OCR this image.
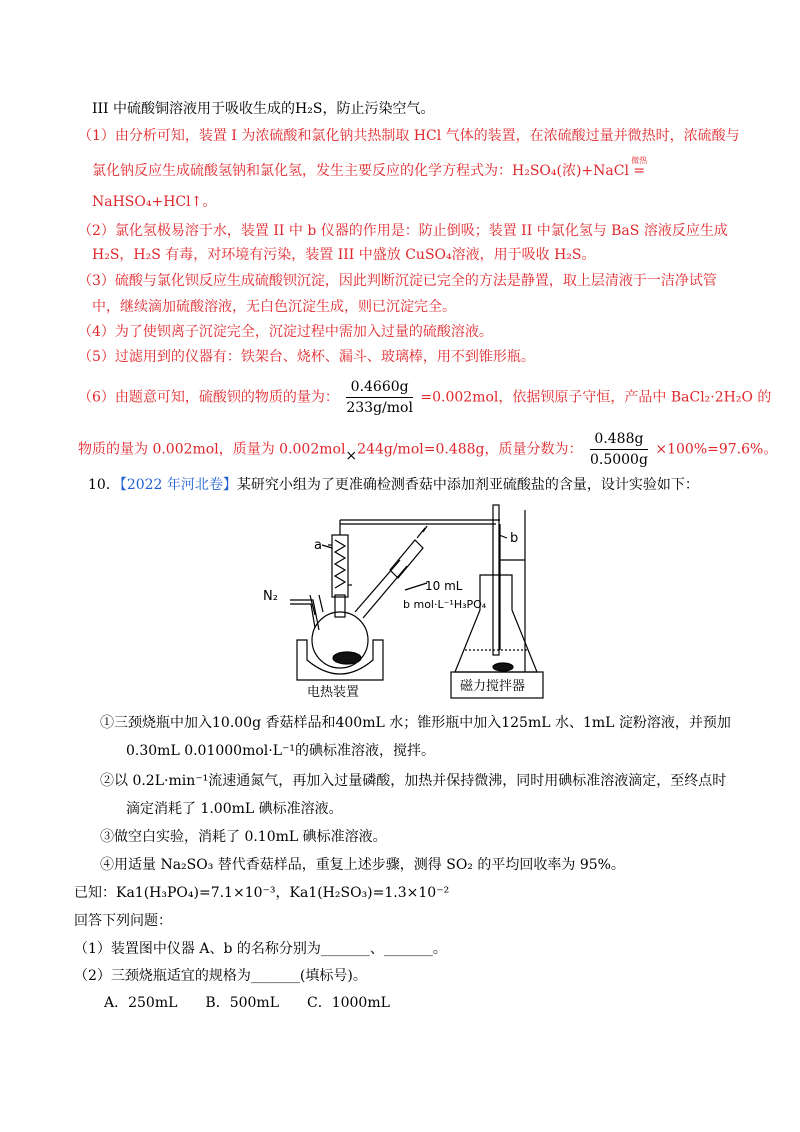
III 中硫酸铜溶液用于吸收生成的H₂S，防止污染空气。
（1）由分析可知，装置 I 为浓硫酸和氯化钠共热制取 HCl 气体的装置，在浓硫酸过量并微热时，浓硫酸与
氯化钠反应生成硫酸氢钠和氯化氢，发生主要反应的化学方程式为：H₂SO₄(浓)+NaCl
微热
=
NaHSO₄+HCl↑。
（2）氯化氢极易溶于水，装置 II 中 b 仪器的作用是：防止倒吸；装置 II 中氯化氢与 BaS 溶液反应生成
H₂S，H₂S 有毒，对环境有污染，装置 III 中盛放 CuSO₄溶液，用于吸收 H₂S。
（3）硫酸与氯化钡反应生成硫酸钡沉淀，因此判断沉淀已完全的方法是静置，取上层清液于一洁净试管
中，继续滴加硫酸溶液，无白色沉淀生成，则已沉淀完全。
（4）为了使钡离子沉淀完全，沉淀过程中需加入过量的硫酸溶液。
（5）过滤用到的仪器有：铁架台、烧杯、漏斗、玻璃棒，用不到锥形瓶。
（6）由题意可知，硫酸钡的物质的量为： $\frac{0.4660g}{\text{233g/mol}} =0.002mol$，依据钡原子守恒，产品中 BaCl₂·2H₂O 的
物质的量为 0.002mol，质量为 0.002mol×244g/mol=0.488g，质量分数为： $\frac{0.488g}{0.5000g} \times 100\%=97.6\%$。
10．【2022 年河北卷】某研究小组为了更准确检测香菇中添加剂亚硫酸盐的含量，设计实验如下：
a	b
N₂
10 mL
b mol·L⁻¹H₃PO₄
电热装置	磁力搅拌器
①三颈烧瓶中加入10.00g 香菇样品和400mL 水；锥形瓶中加入125mL 水、1mL 淀粉溶液，并预加
0.30mL 0.01000mol·L⁻¹的碘标准溶液，搅拌。
②以 0.2L·min⁻¹流速通氮气，再加入过量磷酸，加热并保持微沸，同时用碘标准溶液滴定，至终点时
滴定消耗了 1.00mL 碘标准溶液。
③做空白实验，消耗了 0.10mL 碘标准溶液。
④用适量 Na₂SO₃ 替代香菇样品，重复上述步骤，测得 SO₂ 的平均回收率为 95%。
已知：Ka1(H₃PO₄)=7.1×10⁻³，Ka1(H₂SO₃)=1.3×10⁻²
回答下列问题：
（1）装置图中仪器 A、b 的名称分别为_______、_______。
（2）三颈烧瓶适宜的规格为_______(填标号)。
A．250mL　　B．500mL　　C．1000mL
